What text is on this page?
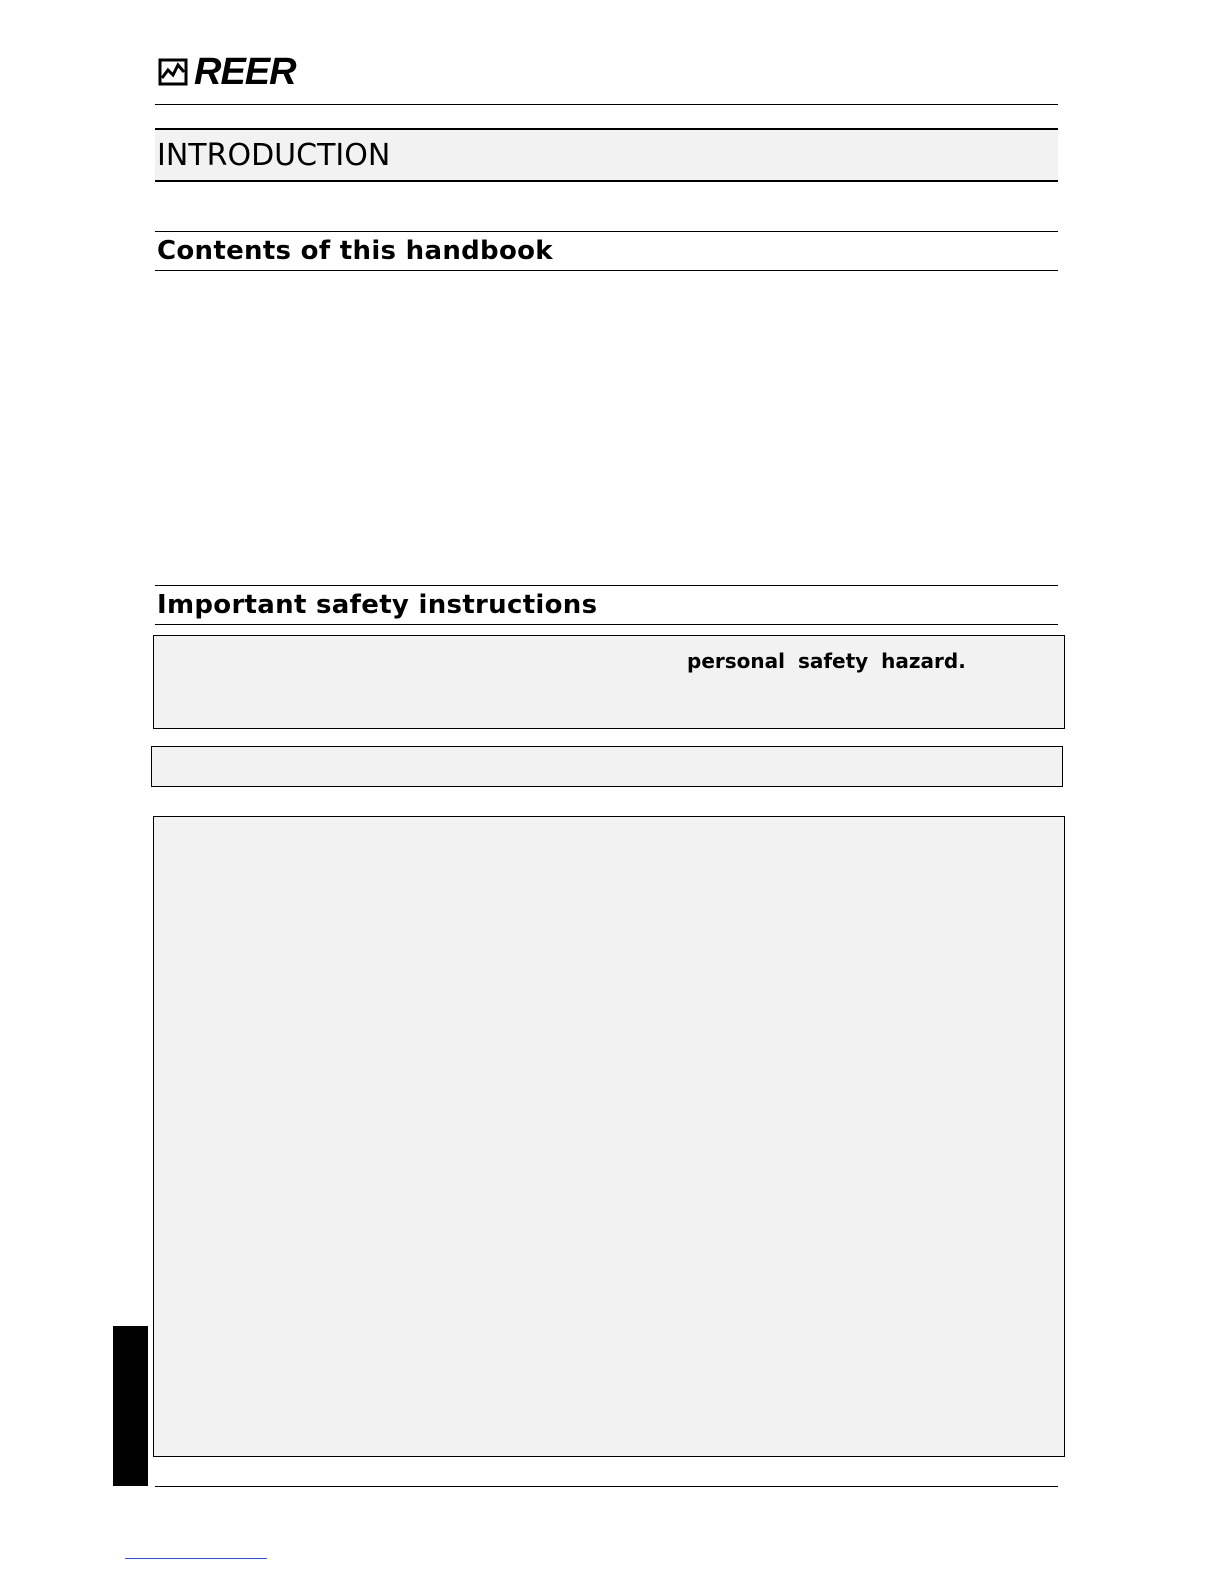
REER
INTRODUCTION
Contents of this handbook
Important safety instructions
personal safety hazard.
